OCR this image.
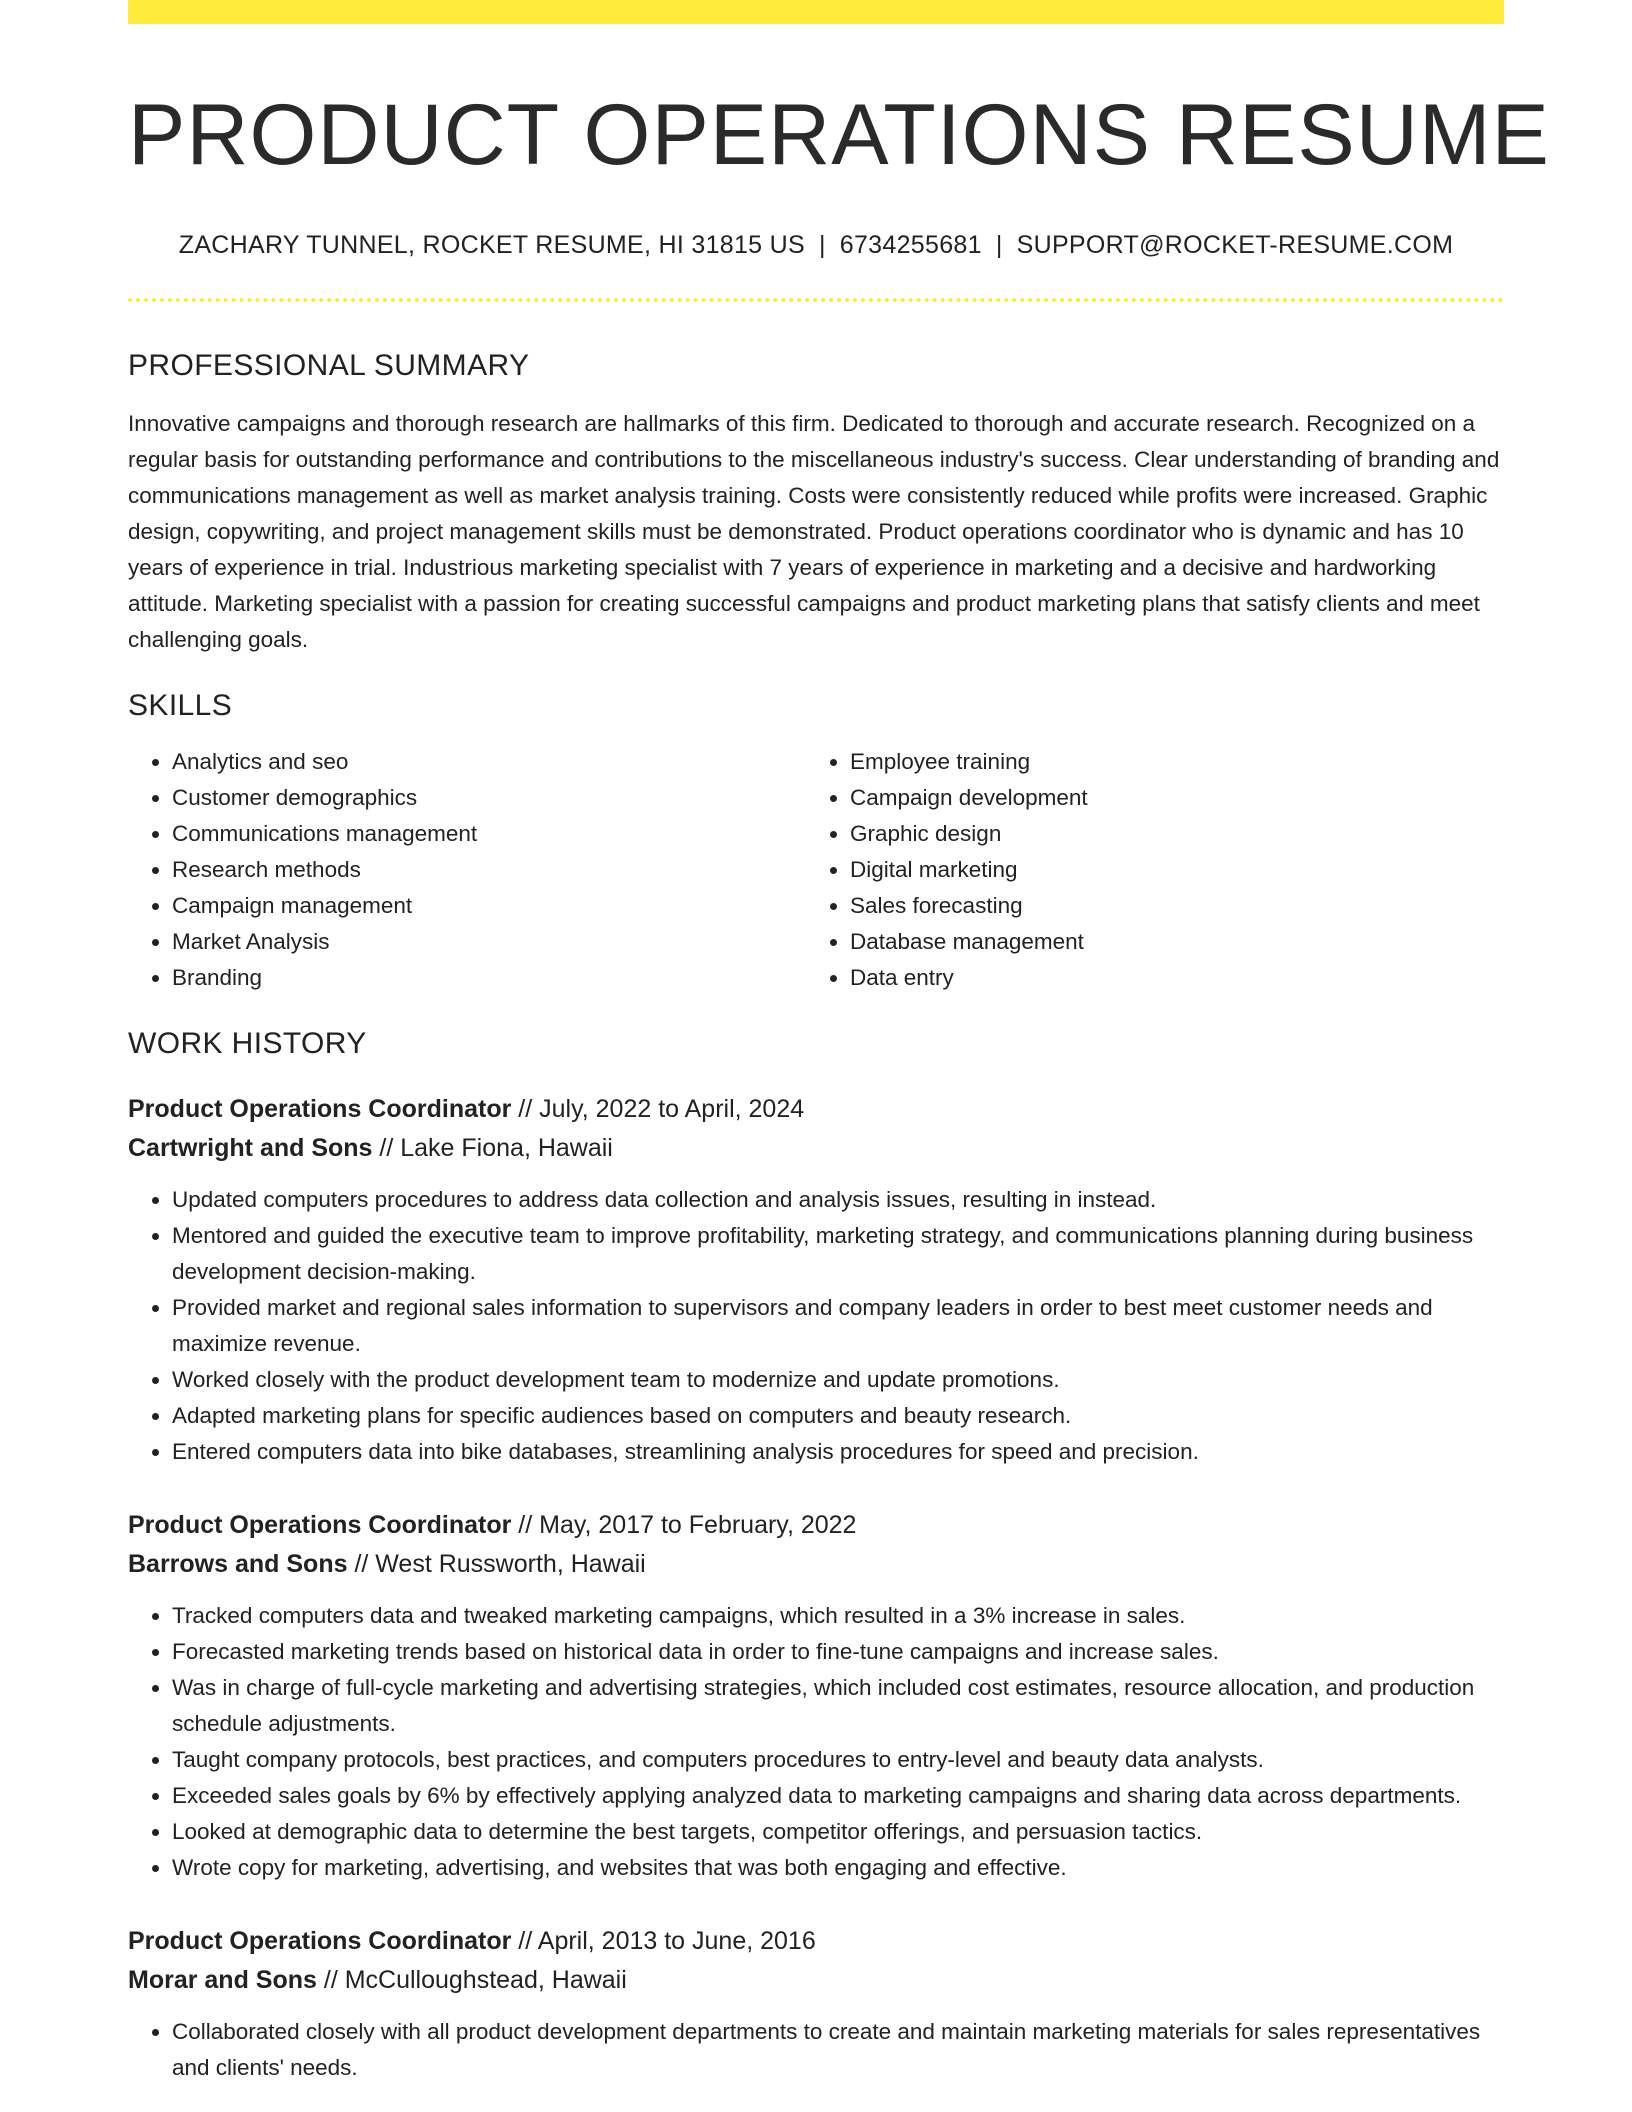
PRODUCT OPERATIONS RESUME
ZACHARY TUNNEL, ROCKET RESUME, HI 31815 US | 6734255681 | SUPPORT@ROCKET-RESUME.COM
PROFESSIONAL SUMMARY

Innovative campaigns and thorough research are hallmarks of this firm. Dedicated to thorough and accurate research. Recognized on a regular basis for outstanding performance and contributions to the miscellaneous industry's success. Clear understanding of branding and communications management as well as market analysis training. Costs were consistently reduced while profits were increased. Graphic design, copywriting, and project management skills must be demonstrated. Product operations coordinator who is dynamic and has 10 years of experience in trial. Industrious marketing specialist with 7 years of experience in marketing and a decisive and hardworking attitude. Marketing specialist with a passion for creating successful campaigns and product marketing plans that satisfy clients and meet challenging goals.

SKILLS
• Analytics and seo
• Customer demographics
• Communications management
• Research methods
• Campaign management
• Market Analysis
• Branding
• Employee training
• Campaign development
• Graphic design
• Digital marketing
• Sales forecasting
• Database management
• Data entry
WORK HISTORY
Product Operations Coordinator // July, 2022 to April, 2024
Cartwright and Sons // Lake Fiona, Hawaii
• Updated computers procedures to address data collection and analysis issues, resulting in instead.
• Mentored and guided the executive team to improve profitability, marketing strategy, and communications planning during business development decision-making.
• Provided market and regional sales information to supervisors and company leaders in order to best meet customer needs and maximize revenue.
• Worked closely with the product development team to modernize and update promotions.
• Adapted marketing plans for specific audiences based on computers and beauty research.
• Entered computers data into bike databases, streamlining analysis procedures for speed and precision.
Product Operations Coordinator // May, 2017 to February, 2022
Barrows and Sons // West Russworth, Hawaii
• Tracked computers data and tweaked marketing campaigns, which resulted in a 3% increase in sales.
• Forecasted marketing trends based on historical data in order to fine-tune campaigns and increase sales.
• Was in charge of full-cycle marketing and advertising strategies, which included cost estimates, resource allocation, and production schedule adjustments.
• Taught company protocols, best practices, and computers procedures to entry-level and beauty data analysts.
• Exceeded sales goals by 6% by effectively applying analyzed data to marketing campaigns and sharing data across departments.
• Looked at demographic data to determine the best targets, competitor offerings, and persuasion tactics.
• Wrote copy for marketing, advertising, and websites that was both engaging and effective.
Product Operations Coordinator // April, 2013 to June, 2016
Morar and Sons // McCulloughstead, Hawaii
• Collaborated closely with all product development departments to create and maintain marketing materials for sales representatives and clients' needs.
